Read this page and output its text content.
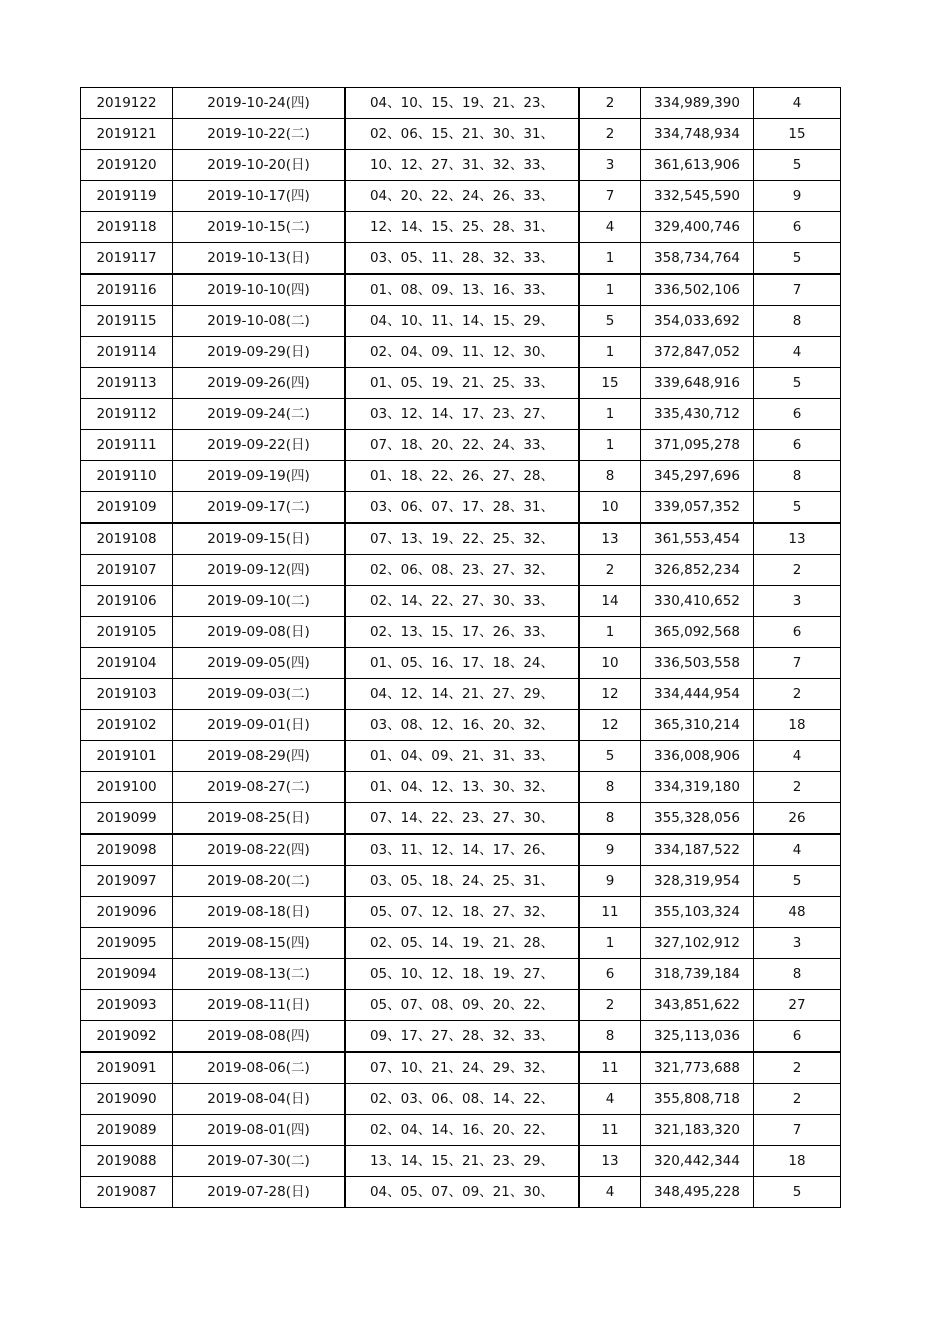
2019122	2019-10-24(四)	04、10、15、19、21、23、	2	334,989,390	4
2019121	2019-10-22(二)	02、06、15、21、30、31、	2	334,748,934	15
2019120	2019-10-20(日)	10、12、27、31、32、33、	3	361,613,906	5
2019119	2019-10-17(四)	04、20、22、24、26、33、	7	332,545,590	9
2019118	2019-10-15(二)	12、14、15、25、28、31、	4	329,400,746	6
2019117	2019-10-13(日)	03、05、11、28、32、33、	1	358,734,764	5
2019116	2019-10-10(四)	01、08、09、13、16、33、	1	336,502,106	7
2019115	2019-10-08(二)	04、10、11、14、15、29、	5	354,033,692	8
2019114	2019-09-29(日)	02、04、09、11、12、30、	1	372,847,052	4
2019113	2019-09-26(四)	01、05、19、21、25、33、	15	339,648,916	5
2019112	2019-09-24(二)	03、12、14、17、23、27、	1	335,430,712	6
2019111	2019-09-22(日)	07、18、20、22、24、33、	1	371,095,278	6
2019110	2019-09-19(四)	01、18、22、26、27、28、	8	345,297,696	8
2019109	2019-09-17(二)	03、06、07、17、28、31、	10	339,057,352	5
2019108	2019-09-15(日)	07、13、19、22、25、32、	13	361,553,454	13
2019107	2019-09-12(四)	02、06、08、23、27、32、	2	326,852,234	2
2019106	2019-09-10(二)	02、14、22、27、30、33、	14	330,410,652	3
2019105	2019-09-08(日)	02、13、15、17、26、33、	1	365,092,568	6
2019104	2019-09-05(四)	01、05、16、17、18、24、	10	336,503,558	7
2019103	2019-09-03(二)	04、12、14、21、27、29、	12	334,444,954	2
2019102	2019-09-01(日)	03、08、12、16、20、32、	12	365,310,214	18
2019101	2019-08-29(四)	01、04、09、21、31、33、	5	336,008,906	4
2019100	2019-08-27(二)	01、04、12、13、30、32、	8	334,319,180	2
2019099	2019-08-25(日)	07、14、22、23、27、30、	8	355,328,056	26
2019098	2019-08-22(四)	03、11、12、14、17、26、	9	334,187,522	4
2019097	2019-08-20(二)	03、05、18、24、25、31、	9	328,319,954	5
2019096	2019-08-18(日)	05、07、12、18、27、32、	11	355,103,324	48
2019095	2019-08-15(四)	02、05、14、19、21、28、	1	327,102,912	3
2019094	2019-08-13(二)	05、10、12、18、19、27、	6	318,739,184	8
2019093	2019-08-11(日)	05、07、08、09、20、22、	2	343,851,622	27
2019092	2019-08-08(四)	09、17、27、28、32、33、	8	325,113,036	6
2019091	2019-08-06(二)	07、10、21、24、29、32、	11	321,773,688	2
2019090	2019-08-04(日)	02、03、06、08、14、22、	4	355,808,718	2
2019089	2019-08-01(四)	02、04、14、16、20、22、	11	321,183,320	7
2019088	2019-07-30(二)	13、14、15、21、23、29、	13	320,442,344	18
2019087	2019-07-28(日)	04、05、07、09、21、30、	4	348,495,228	5
